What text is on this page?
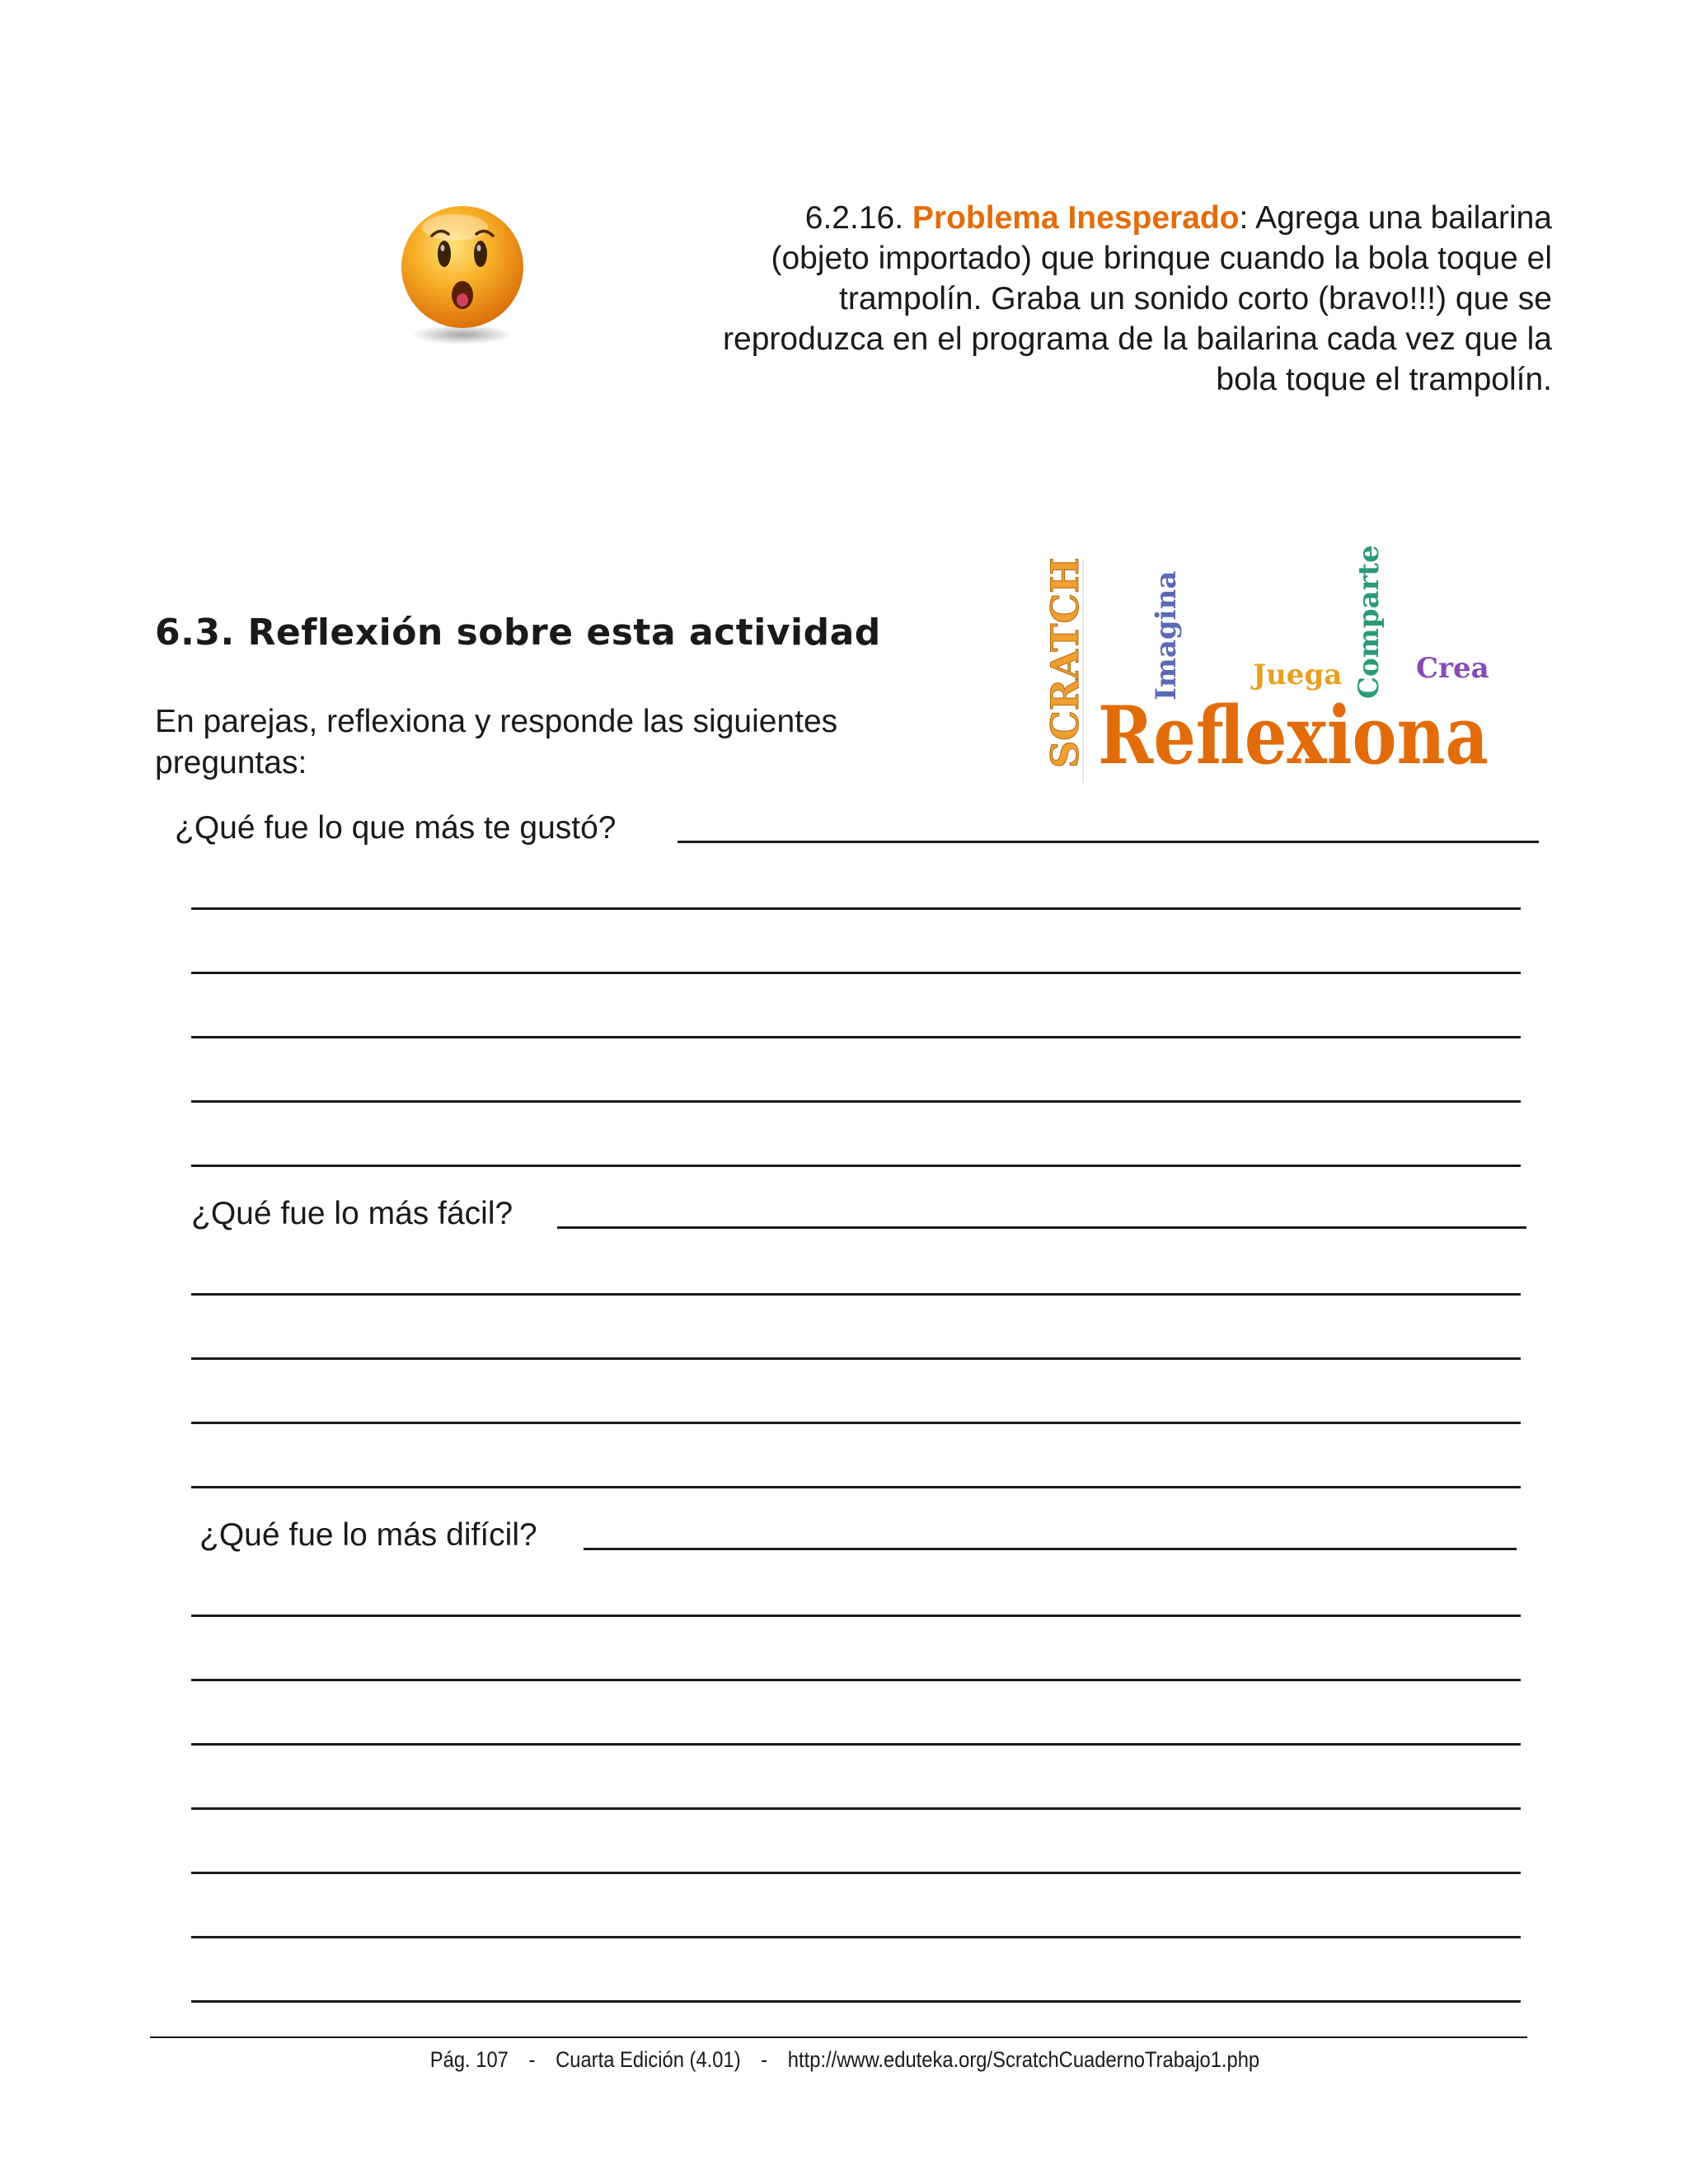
6.2.16. Problema Inesperado: Agrega una bailarina
(objeto importado) que brinque cuando la bola toque el
trampolín. Graba un sonido corto (bravo!!!) que se
reproduzca en el programa de la bailarina cada vez que la
bola toque el trampolín.
6.3. Reflexión sobre esta actividad
En parejas, reflexiona y responde las siguientes
preguntas:	SCRATCH Imagina	Juega Comparte Crea
Reflexiona
¿Qué fue lo que más te gustó?
¿Qué fue lo más fácil?
¿Qué fue lo más difícil?
Pág. 107 - Cuarta Edición (4.01) - http://www.eduteka.org/ScratchCuadernoTrabajo1.php
